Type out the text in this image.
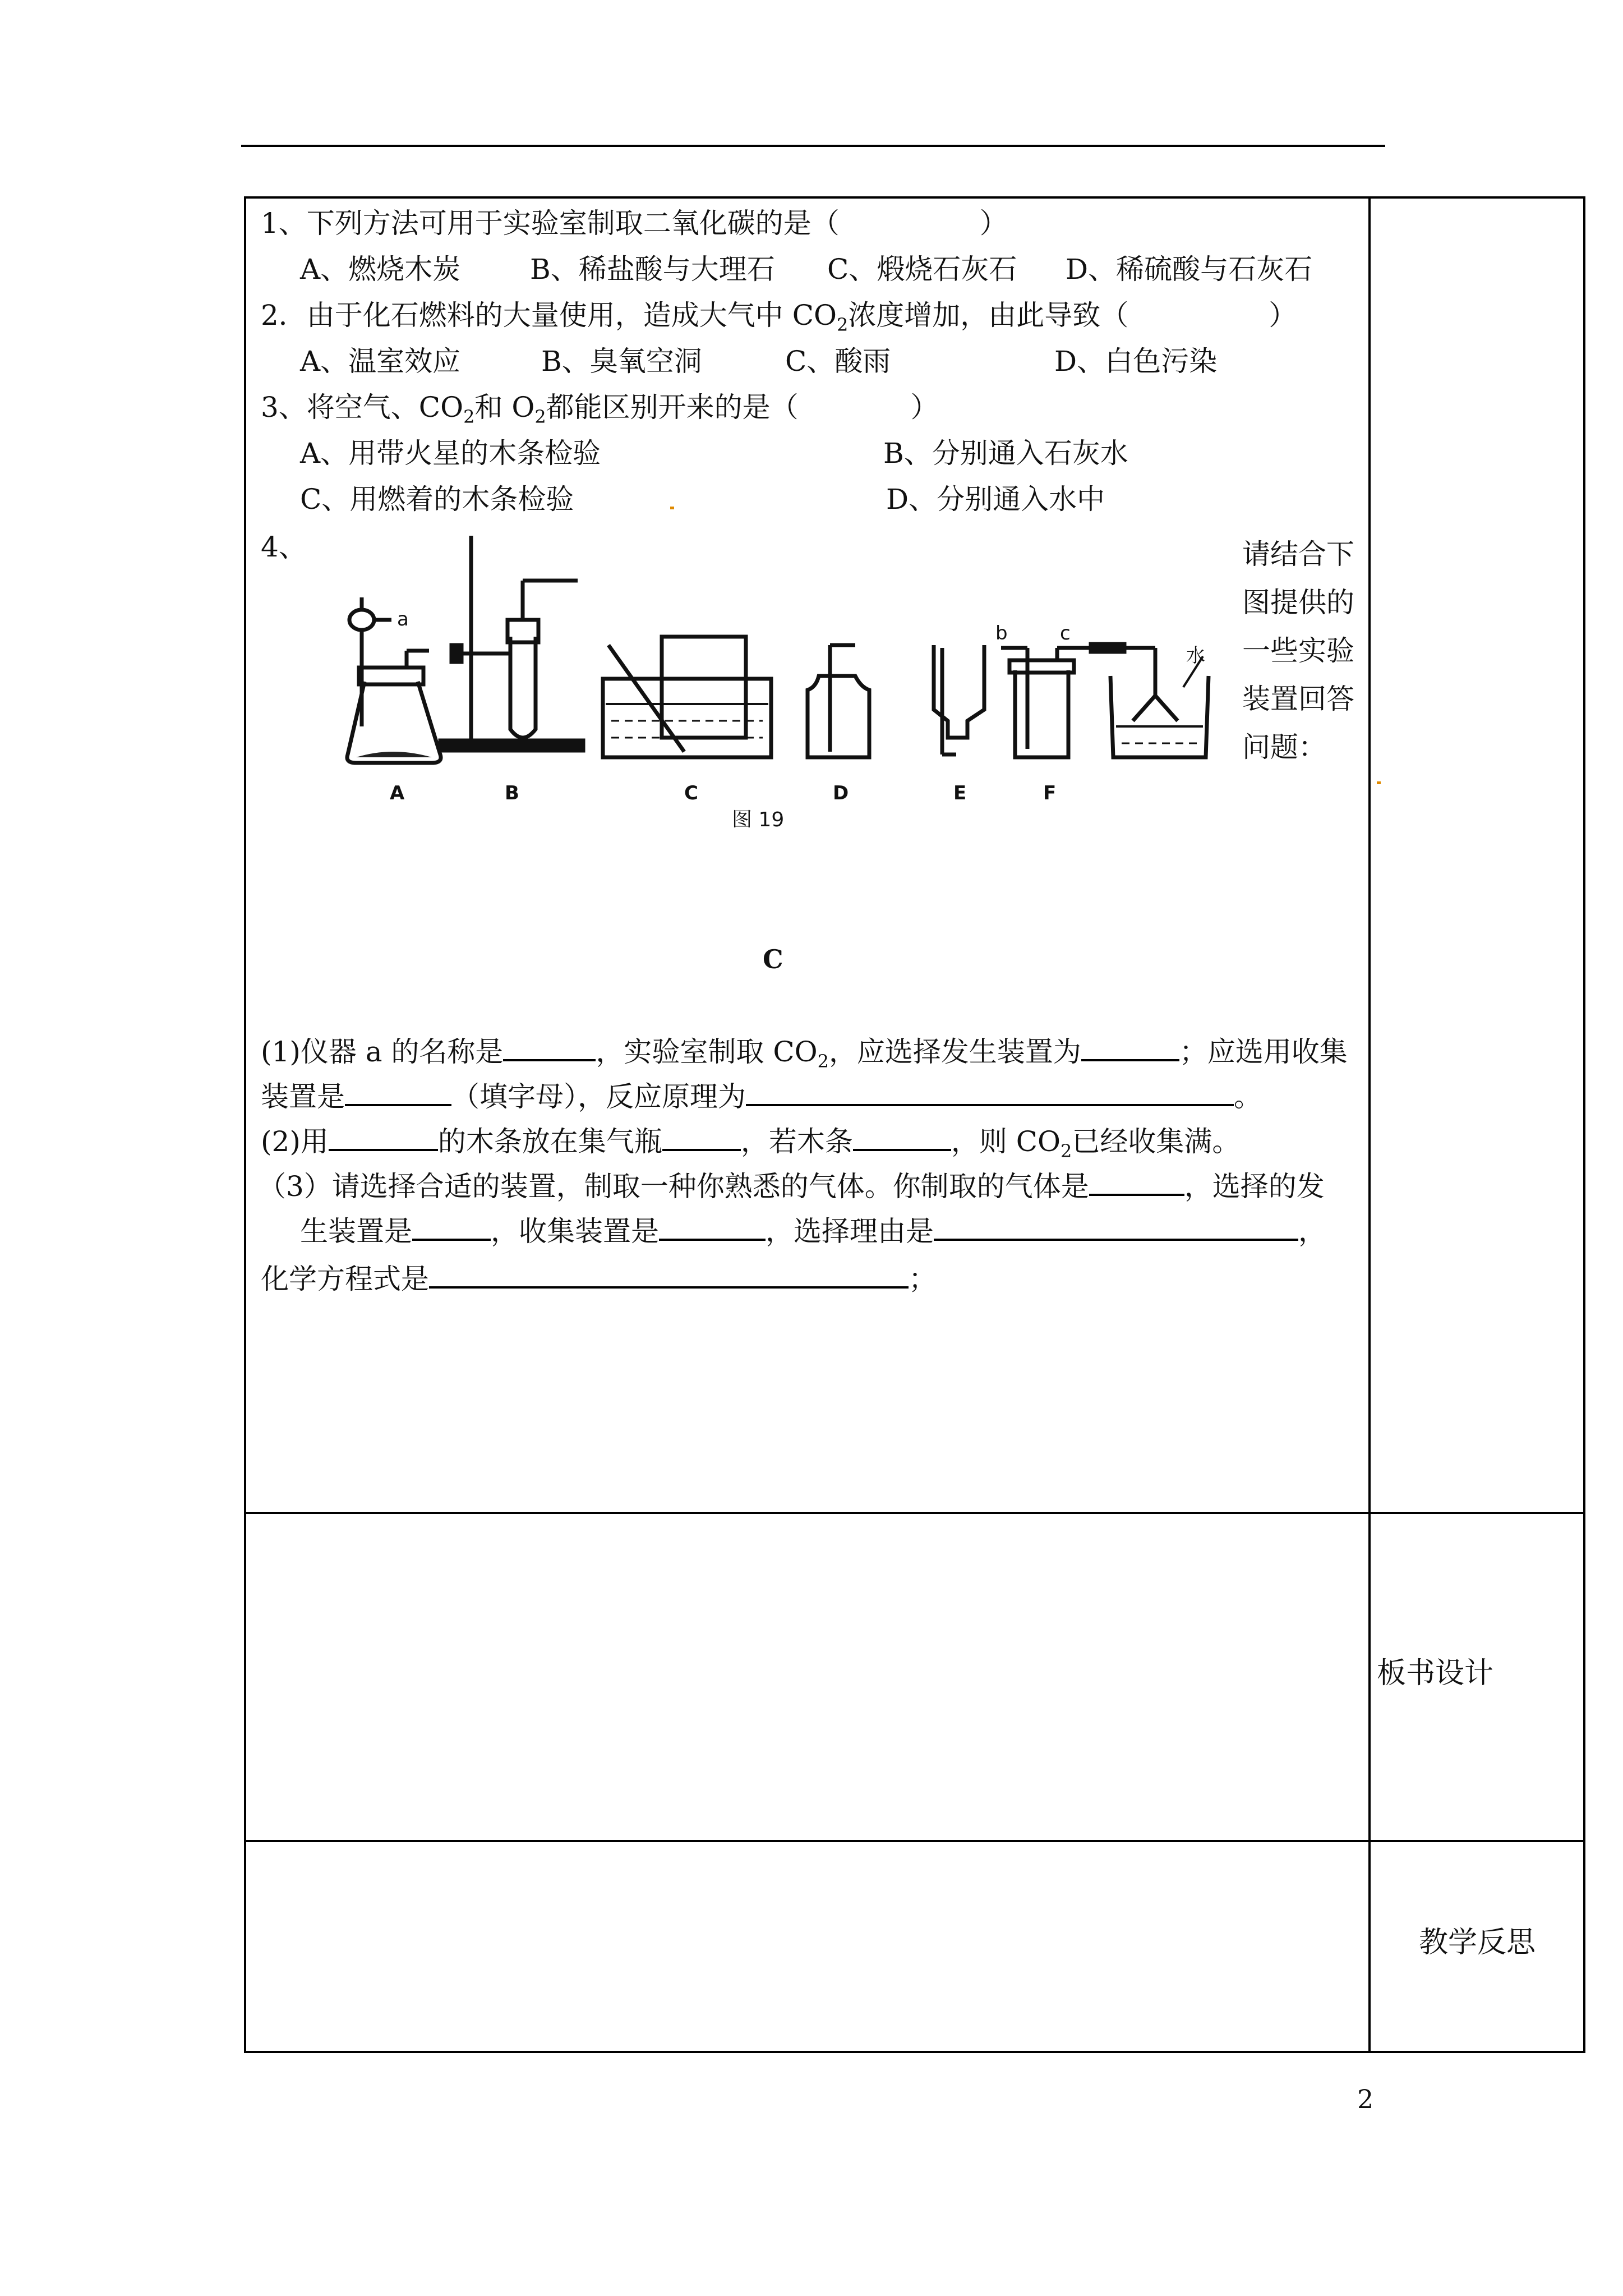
1、下列方法可用于实验室制取二氧化碳的是（　　　　　）
A、燃烧木炭 B、稀盐酸与大理石 C、煅烧石灰石 D、稀硫酸与石灰石
2．由于化石燃料的大量使用，造成大气中 $CO_2$浓度增加，由此导致（　　　　　）
A、温室效应	B、臭氧空洞	C、酸雨	D、白色污染
3、将空气、$CO_2$和 $O_2$都能区别开来的是（　　　　）
A、用带火星的木条检验	B、分别通入石灰水
C、用燃着的木条检验	D、分别通入水中
4、	请结合下
图提供的
一些实验
装置回答
问题：
A	B	C	D	E	F
a
b	c
水
图 19
C
(1)仪器 a 的名称是	，实验室制取 $CO_2$，应选择发生装置为	；应选用收集
装置是	（填字母），反应原理为	。
(2)用	的木条放在集气瓶	，若木条	，则 $CO_2$已经收集满。
（3）请选择合适的装置，制取一种你熟悉的气体。你制取的气体是	，选择的发
生装置是	，收集装置是	，选择理由是	，
化学方程式是	；
板书设计
教学反思
2
